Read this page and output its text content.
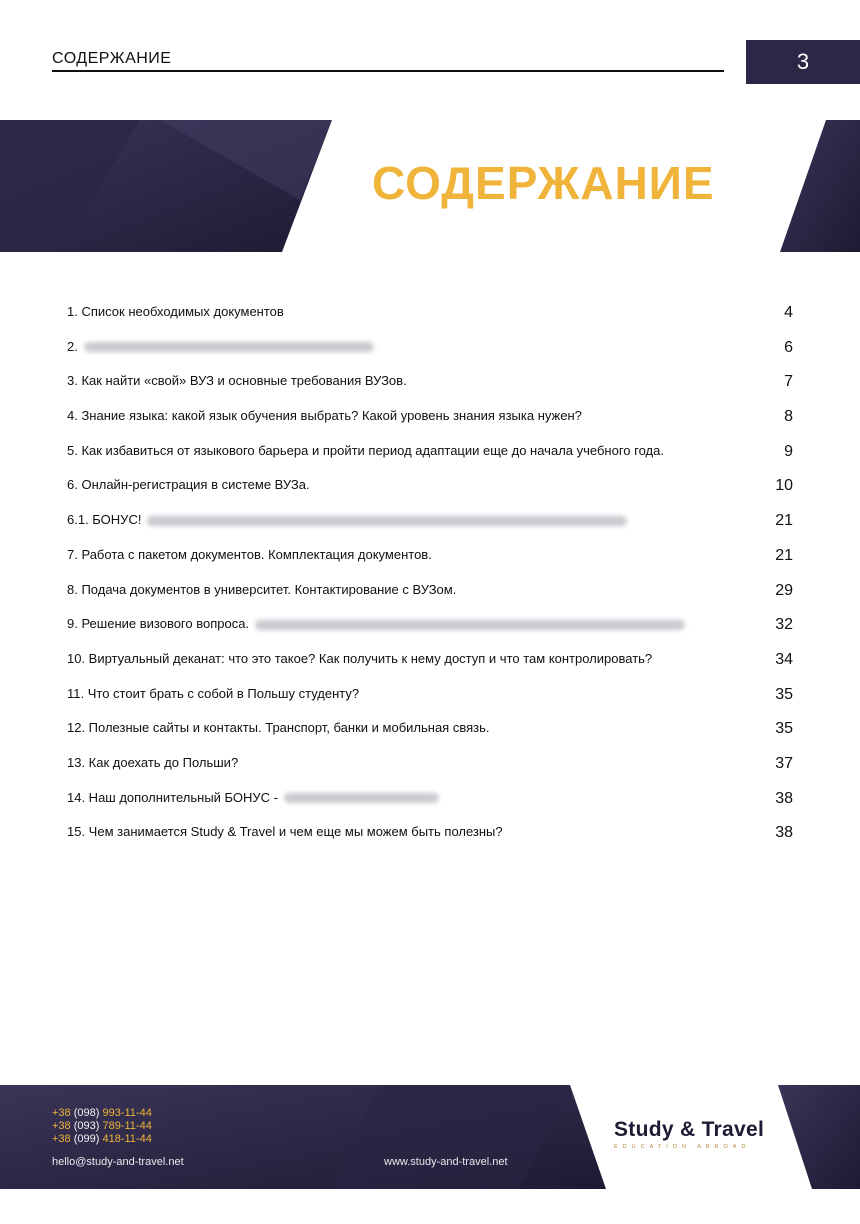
СОДЕРЖАНИЕ	3
СОДЕРЖАНИЕ
1. Список необходимых документов	4
2.	6
3. Как найти «свой» ВУЗ и основные требования ВУЗов.	7
4. Знание языка: какой язык обучения выбрать? Какой уровень знания языка нужен?	8
5. Как избавиться от языкового барьера и пройти период адаптации еще до начала учебного года.	9
6. Онлайн-регистрация в системе ВУЗа.	10
6.1. БОНУС!	21
7. Работа с пакетом документов. Комплектация документов.	21
8. Подача документов в университет. Контактирование с ВУЗом.	29
9. Решение визового вопроса.	32
10. Виртуальный деканат: что это такое? Как получить к нему доступ и что там контролировать?	34
11. Что стоит брать с собой в Польшу студенту?	35
12. Полезные сайты и контакты. Транспорт, банки и мобильная связь.	35
13. Как доехать до Польши?	37
14. Наш дополнительный БОНУС -	38
15. Чем занимается Study & Travel и чем еще мы можем быть полезны?	38
+38 (098) 993-11-44
+38 (093) 789-11-44
+38 (099) 418-11-44
hello@study-and-travel.net	www.study-and-travel.net
Study & Travel
EDUCATION ABROAD
